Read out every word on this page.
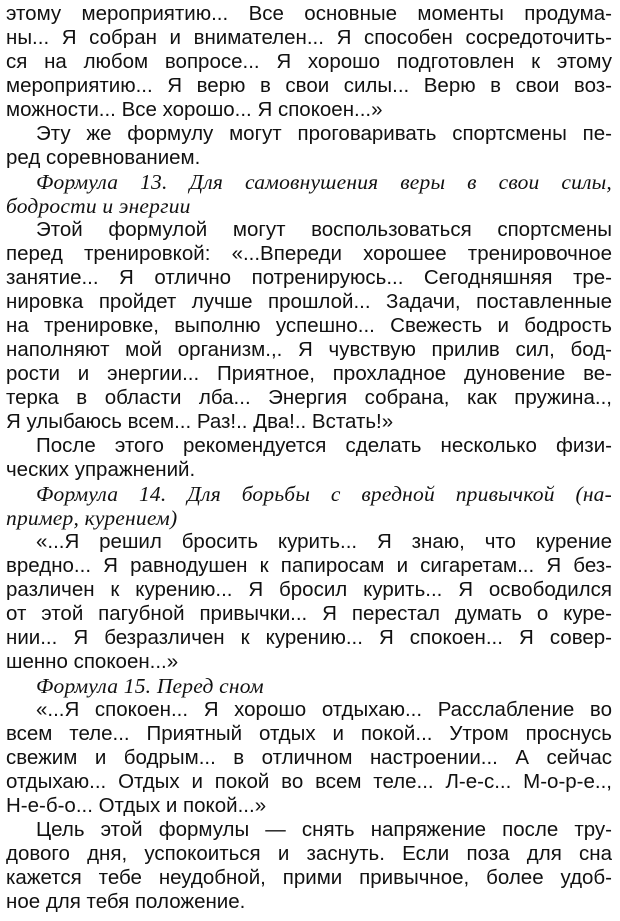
этому мероприятию... Все основные моменты продума-
ны... Я собран и внимателен... Я способен сосредоточить-
ся на любом вопросе... Я хорошо подготовлен к этому
мероприятию... Я верю в свои силы... Верю в свои воз-
можности... Все хорошо... Я спокоен...»
Эту же формулу могут проговаривать спортсмены пе-
ред соревнованием.
Формула 13. Для самовнушения веры в свои силы,
бодрости и энергии
Этой формулой могут воспользоваться спортсмены
перед тренировкой: «...Впереди хорошее тренировочное
занятие... Я отлично потренируюсь... Сегодняшняя тре-
нировка пройдет лучше прошлой... Задачи, поставленные
на тренировке, выполню успешно... Свежесть и бодрость
наполняют мой организм.,. Я чувствую прилив сил, бод-
рости и энергии... Приятное, прохладное дуновение ве-
терка в области лба... Энергия собрана, как пружина..,
Я улыбаюсь всем... Раз!.. Два!.. Встать!»
После этого рекомендуется сделать несколько физи-
ческих упражнений.
Формула 14. Для борьбы с вредной привычкой (на-
пример, курением)
«...Я решил бросить курить... Я знаю, что курение
вредно... Я равнодушен к папиросам и сигаретам... Я без-
различен к курению... Я бросил курить... Я освободился
от этой пагубной привычки... Я перестал думать о куре-
нии... Я безразличен к курению... Я спокоен... Я совер-
шенно спокоен...»
Формула 15. Перед сном
«...Я спокоен... Я хорошо отдыхаю... Расслабление во
всем теле... Приятный отдых и покой... Утром проснусь
свежим и бодрым... в отличном настроении... А сейчас
отдыхаю... Отдых и покой во всем теле... Л-е-с... М-о-р-е..,
Н-е-б-о... Отдых и покой...»
Цель этой формулы — снять напряжение после тру-
дового дня, успокоиться и заснуть. Если поза для сна
кажется тебе неудобной, прими привычное, более удоб-
ное для тебя положение.
